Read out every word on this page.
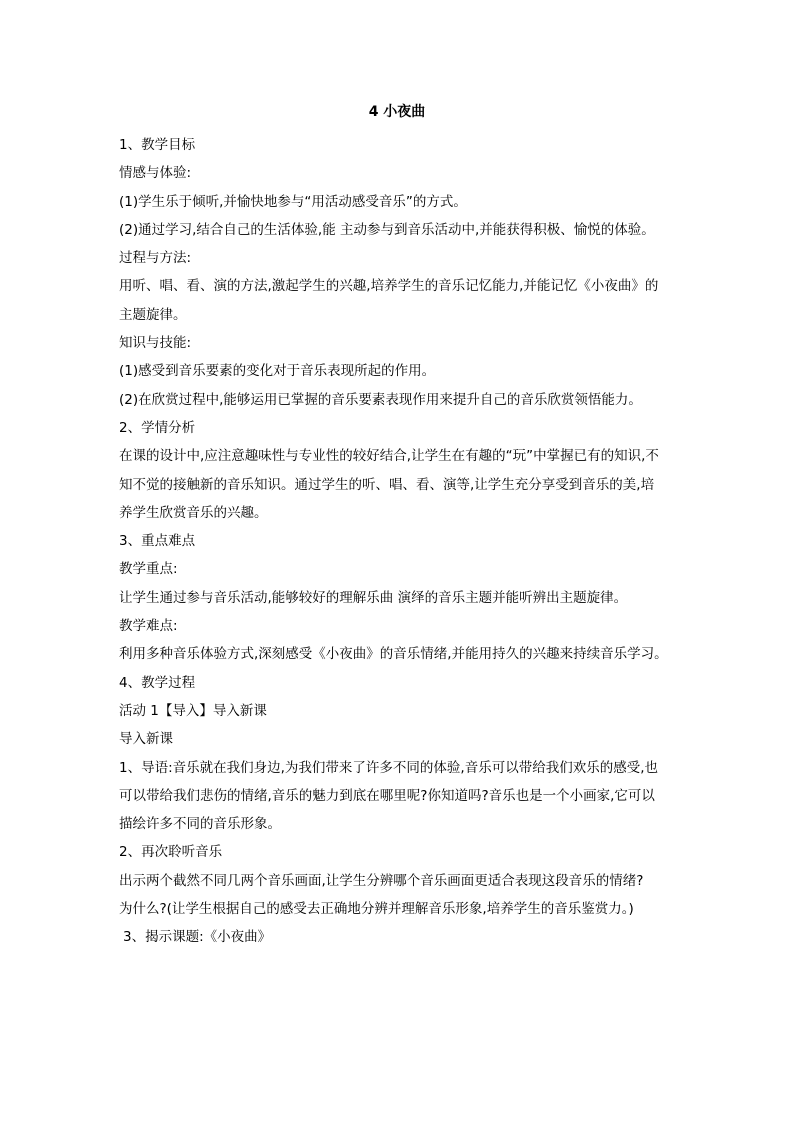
4 小夜曲
1、教学目标
情感与体验:
(1)学生乐于倾听,并愉快地参与“用活动感受音乐”的方式。
(2)通过学习,结合自己的生活体验,能 主动参与到音乐活动中,并能获得积极、愉悦的体验。
过程与方法:
用听、唱、看、演的方法,激起学生的兴趣,培养学生的音乐记忆能力,并能记忆《小夜曲》的
主题旋律。
知识与技能:
(1)感受到音乐要素的变化对于音乐表现所起的作用。
(2)在欣赏过程中,能够运用已掌握的音乐要素表现作用来提升自己的音乐欣赏领悟能力。
2、学情分析
在课的设计中,应注意趣味性与专业性的较好结合,让学生在有趣的“玩”中掌握已有的知识,不
知不觉的接触新的音乐知识。通过学生的听、唱、看、演等,让学生充分享受到音乐的美,培
养学生欣赏音乐的兴趣。
3、重点难点
教学重点:
让学生通过参与音乐活动,能够较好的理解乐曲 演绎的音乐主题并能听辨出主题旋律。
教学难点:
利用多种音乐体验方式,深刻感受《小夜曲》的音乐情绪,并能用持久的兴趣来持续音乐学习。
4、教学过程
活动 1【导入】导入新课
导入新课
1、导语:音乐就在我们身边,为我们带来了许多不同的体验,音乐可以带给我们欢乐的感受,也
可以带给我们悲伤的情绪,音乐的魅力到底在哪里呢?你知道吗?音乐也是一个小画家,它可以
描绘许多不同的音乐形象。
2、再次聆听音乐
出示两个截然不同几两个音乐画面,让学生分辨哪个音乐画面更适合表现这段音乐的情绪?
为什么?(让学生根据自己的感受去正确地分辨并理解音乐形象,培养学生的音乐鉴赏力。)
3、揭示课题:《小夜曲》
